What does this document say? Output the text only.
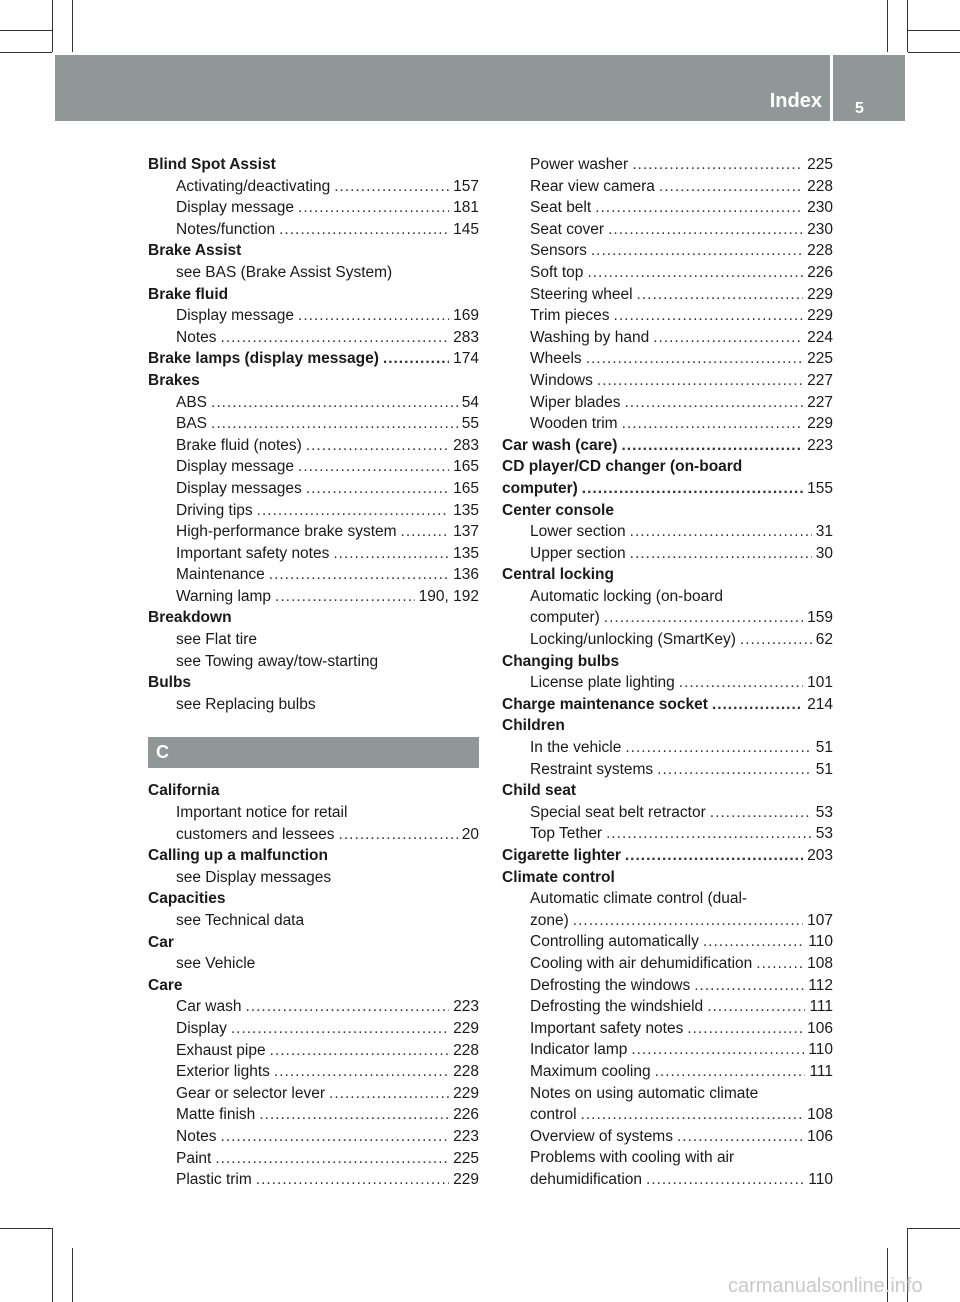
Index 5
Blind Spot Assist
Activating/deactivating .....	157
Display message .....	181
Notes/function .....	145
Brake Assist
see BAS (Brake Assist System)
Brake fluid
Display message .....	169
Notes .....	283
Brake lamps (display message) .....	174
Brakes
ABS .....	54
BAS .....	55
Brake fluid (notes) .....	283
Display message .....	165
Display messages .....	165
Driving tips .....	135
High-performance brake system .....	137
Important safety notes .....	135
Maintenance .....	136
Warning lamp .....	190, 192
Breakdown
see Flat tire
see Towing away/tow-starting
Bulbs
see Replacing bulbs
C
California
Important notice for retail
customers and lessees .....	20
Calling up a malfunction
see Display messages
Capacities
see Technical data
Car
see Vehicle
Care
Car wash .....	223
Display .....	229
Exhaust pipe .....	228
Exterior lights .....	228
Gear or selector lever .....	229
Matte finish .....	226
Notes .....	223
Paint .....	225
Plastic trim .....	229
Power washer .....	225
Rear view camera .....	228
Seat belt .....	230
Seat cover .....	230
Sensors .....	228
Soft top .....	226
Steering wheel .....	229
Trim pieces .....	229
Washing by hand .....	224
Wheels .....	225
Windows .....	227
Wiper blades .....	227
Wooden trim .....	229
Car wash (care) .....	223
CD player/CD changer (on-board
computer) .....	155
Center console
Lower section .....	31
Upper section .....	30
Central locking
Automatic locking (on-board
computer) .....	159
Locking/unlocking (SmartKey) .....	62
Changing bulbs
License plate lighting .....	101
Charge maintenance socket .....	214
Children
In the vehicle .....	51
Restraint systems .....	51
Child seat
Special seat belt retractor .....	53
Top Tether .....	53
Cigarette lighter .....	203
Climate control
Automatic climate control (dual-
zone) .....	107
Controlling automatically .....	110
Cooling with air dehumidification .....	108
Defrosting the windows .....	112
Defrosting the windshield .....	111
Important safety notes .....	106
Indicator lamp .....	110
Maximum cooling .....	111
Notes on using automatic climate
control .....	108
Overview of systems .....	106
Problems with cooling with air
dehumidification .....	110
carmanualsonline.info
